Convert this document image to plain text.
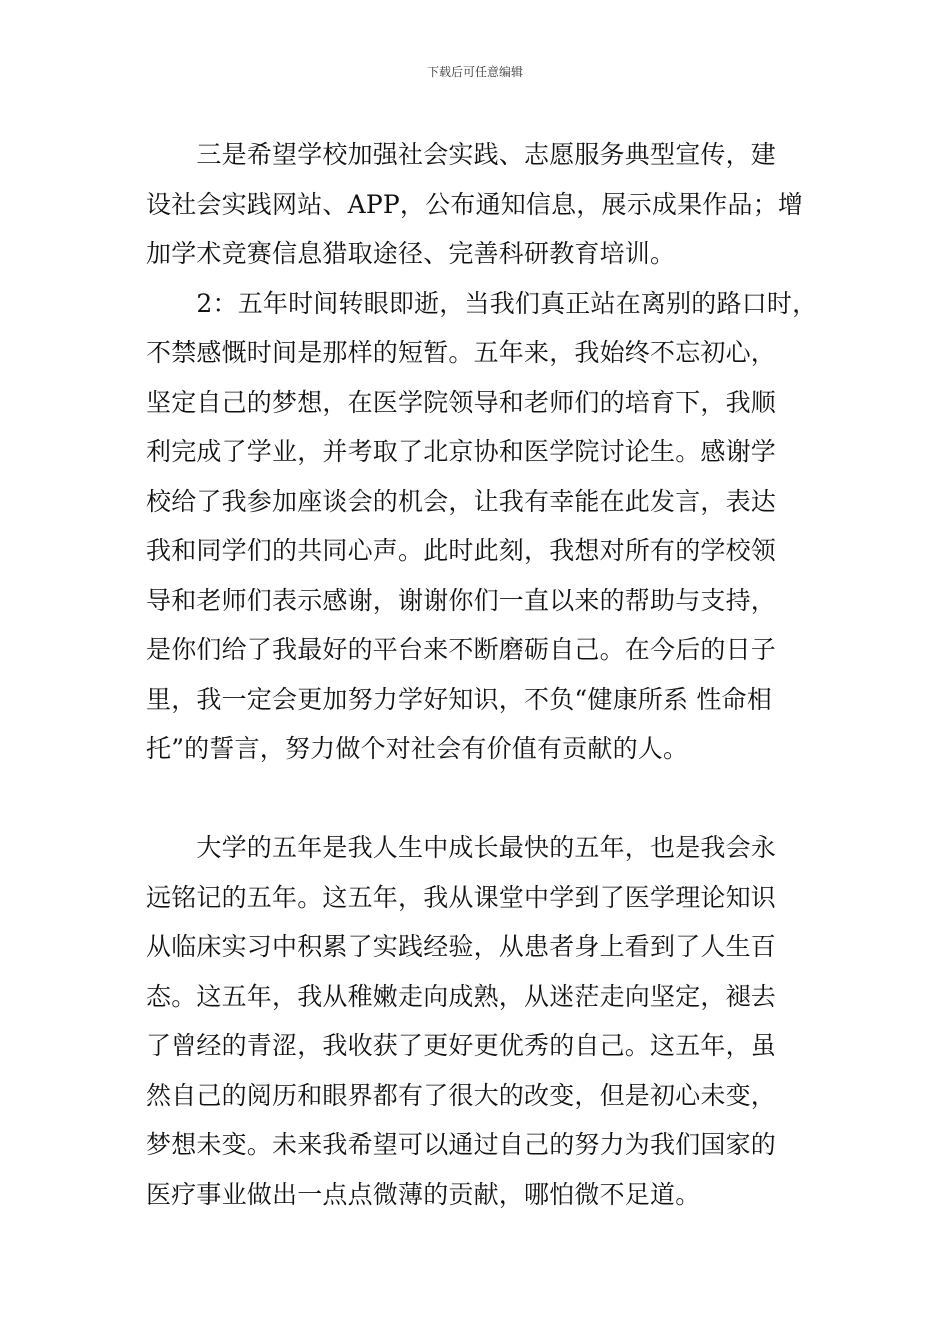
下载后可任意编辑
　　三是希望学校加强社会实践、志愿服务典型宣传，建
设社会实践网站、APP，公布通知信息，展示成果作品；增
加学术竞赛信息猎取途径、完善科研教育培训。
　　2：五年时间转眼即逝，当我们真正站在离别的路口时，
不禁感慨时间是那样的短暂。五年来，我始终不忘初心，
坚定自己的梦想，在医学院领导和老师们的培育下，我顺
利完成了学业，并考取了北京协和医学院讨论生。感谢学
校给了我参加座谈会的机会，让我有幸能在此发言，表达
我和同学们的共同心声。此时此刻，我想对所有的学校领
导和老师们表示感谢，谢谢你们一直以来的帮助与支持，
是你们给了我最好的平台来不断磨砺自己。在今后的日子
里，我一定会更加努力学好知识，不负“健康所系 性命相
托”的誓言，努力做个对社会有价值有贡献的人。
　　大学的五年是我人生中成长最快的五年，也是我会永
远铭记的五年。这五年，我从课堂中学到了医学理论知识
从临床实习中积累了实践经验，从患者身上看到了人生百
态。这五年，我从稚嫩走向成熟，从迷茫走向坚定，褪去
了曾经的青涩，我收获了更好更优秀的自己。这五年，虽
然自己的阅历和眼界都有了很大的改变，但是初心未变，
梦想未变。未来我希望可以通过自己的努力为我们国家的
医疗事业做出一点点微薄的贡献，哪怕微不足道。
